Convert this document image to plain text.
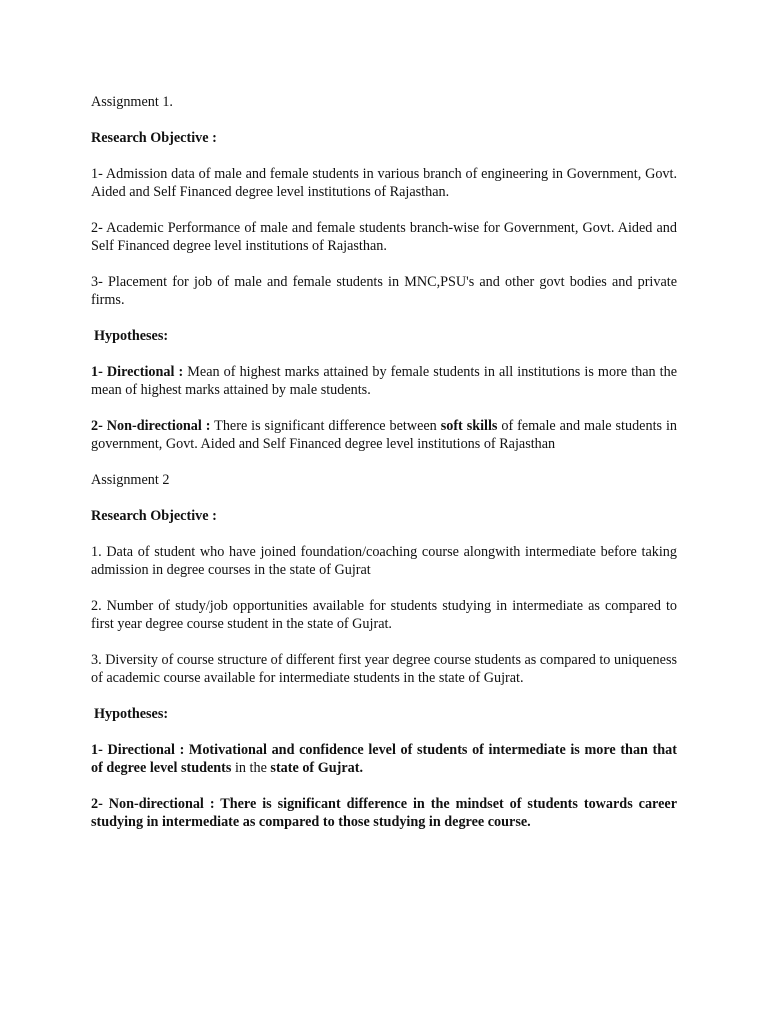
Assignment 1.

Research Objective :

1- Admission data of male and female students in various branch of engineering in Government, Govt. Aided and Self Financed degree level institutions of Rajasthan.

2- Academic Performance of male and female students branch-wise for Government, Govt. Aided and Self Financed degree level institutions of Rajasthan.

3- Placement for job of male and female students in MNC,PSU's and other govt bodies and private firms.

Hypotheses:

1- Directional : Mean of highest marks attained by female students in all institutions is more than the mean of highest marks attained by male students.

2- Non-directional : There is significant difference between soft skills of female and male students in government, Govt. Aided and Self Financed degree level institutions of Rajasthan

Assignment 2

Research Objective :

1. Data of student who have joined foundation/coaching course alongwith intermediate before taking admission in degree courses in the state of Gujrat

2. Number of study/job opportunities available for students studying in intermediate as compared to first year degree course student in the state of Gujrat.

3. Diversity of course structure of different first year degree course students as compared to uniqueness of academic course available for intermediate students in the state of Gujrat.

Hypotheses:

1- Directional : Motivational and confidence level of students of intermediate is more than that of degree level students in the state of Gujrat.

2- Non-directional : There is significant difference in the mindset of students towards career studying in intermediate as compared to those studying in degree course.
